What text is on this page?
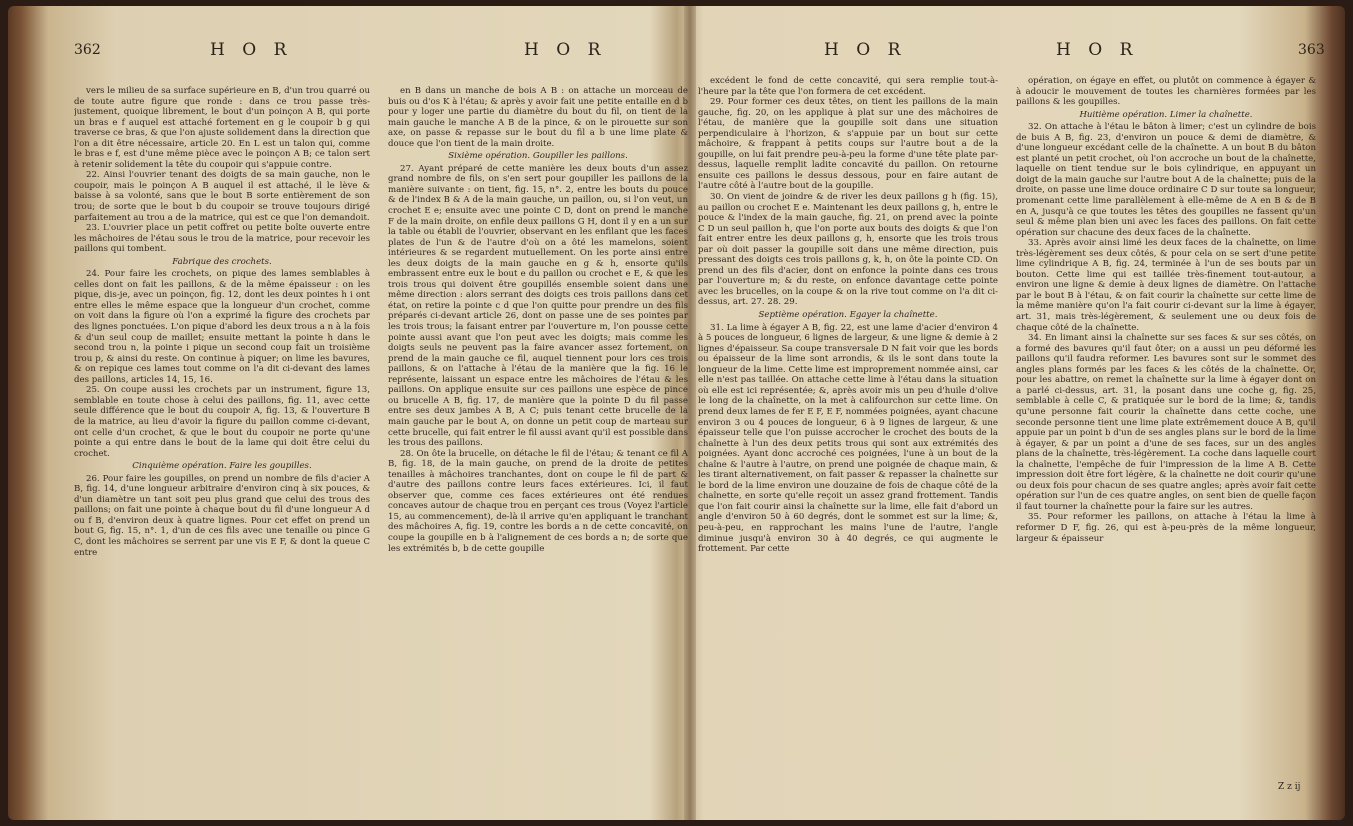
362	H O R	H O R

vers le milieu de sa surface supérieure en B, d'un trou quarré ou de toute autre figure que ronde : dans ce trou passe très-justement, quoique librement, le bout d'un poinçon A B, qui porte un bras e f auquel est attaché fortement en g le coupoir b g qui traverse ce bras, & que l'on ajuste solidement dans la direction que l'on a dit être nécessaire, article 20. En L est un talon qui, comme le bras e f, est d'une même pièce avec le poinçon A B; ce talon sert à retenir solidement la tête du coupoir qui s'appuie contre.

22. Ainsi l'ouvrier tenant des doigts de sa main gauche, non le coupoir, mais le poinçon A B auquel il est attaché, il le lève & baisse à sa volonté, sans que le bout B sorte entièrement de son trou; de sorte que le bout b du coupoir se trouve toujours dirigé parfaitement au trou a de la matrice, qui est ce que l'on demandoit.

23. L'ouvrier place un petit coffret ou petite boîte ouverte entre les mâchoires de l'étau sous le trou de la matrice, pour recevoir les paillons qui tombent.

Fabrique des crochets.

24. Pour faire les crochets, on pique des lames semblables à celles dont on fait les paillons, & de la même épaisseur : on les pique, dis-je, avec un poinçon, fig. 12, dont les deux pointes h i ont entre elles le même espace que la longueur d'un crochet, comme on voit dans la figure où l'on a exprimé la figure des crochets par des lignes ponctuées. L'on pique d'abord les deux trous a n à la fois & d'un seul coup de maillet; ensuite mettant la pointe h dans le second trou n, la pointe i pique un second coup fait un troisième trou p, & ainsi du reste. On continue à piquer; on lime les bavures, & on repique ces lames tout comme on l'a dit ci-devant des lames des paillons, articles 14, 15, 16.

25. On coupe aussi les crochets par un instrument, figure 13, semblable en toute chose à celui des paillons, fig. 11, avec cette seule différence que le bout du coupoir A, fig. 13, & l'ouverture B de la matrice, au lieu d'avoir la figure du paillon comme ci-devant, ont celle d'un crochet, & que le bout du coupoir ne porte qu'une pointe a qui entre dans le bout de la lame qui doit être celui du crochet.

Cinquième opération. Faire les goupilles.

26. Pour faire les goupilles, on prend un nombre de fils d'acier A B, fig. 14, d'une longueur arbitraire d'environ cinq à six pouces, & d'un diamètre un tant soit peu plus grand que celui des trous des paillons; on fait une pointe à chaque bout du fil d'une longueur A d ou f B, d'environ deux à quatre lignes. Pour cet effet on prend un bout G, fig. 15, n°. 1, d'un de ces fils avec une tenaille ou pince G C, dont les mâchoires se serrent par une vis E F, & dont la queue C entre

en B dans un manche de bois A B : on attache un morceau de buis ou d'os K à l'étau; & après y avoir fait une petite entaille en d b pour y loger une partie du diamètre du bout du fil, on tient de la main gauche le manche A B de la pince, & on le pirouette sur son axe, on passe & repasse sur le bout du fil a b une lime plate & douce que l'on tient de la main droite.

Sixième opération. Goupiller les paillons.

27. Ayant préparé de cette manière les deux bouts d'un assez grand nombre de fils, on s'en sert pour goupiller les paillons de la manière suivante : on tient, fig. 15, n°. 2, entre les bouts du pouce & de l'index B & A de la main gauche, un paillon, ou, si l'on veut, un crochet E e; ensuite avec une pointe C D, dont on prend le manche F de la main droite, on enfile deux paillons G H, dont il y en a un sur la table ou établi de l'ouvrier, observant en les enfilant que les faces plates de l'un & de l'autre d'où on a ôté les mamelons, soient intérieures & se regardent mutuellement. On les porte ainsi entre les deux doigts de la main gauche en g & h, ensorte qu'ils embrassent entre eux le bout e du paillon ou crochet e E, & que les trois trous qui doivent être goupillés ensemble soient dans une même direction : alors serrant des doigts ces trois paillons dans cet état, on retire la pointe c d que l'on quitte pour prendre un des fils préparés ci-devant article 26, dont on passe une de ses pointes par les trois trous; la faisant entrer par l'ouverture m, l'on pousse cette pointe aussi avant que l'on peut avec les doigts; mais comme les doigts seuls ne peuvent pas la faire avancer assez fortement, on prend de la main gauche ce fil, auquel tiennent pour lors ces trois paillons, & on l'attache à l'étau de la manière que la fig. 16 le représente, laissant un espace entre les mâchoires de l'étau & les paillons. On applique ensuite sur ces paillons une espèce de pince ou brucelle A B, fig. 17, de manière que la pointe D du fil passe entre ses deux jambes A B, A C; puis tenant cette brucelle de la main gauche par le bout A, on donne un petit coup de marteau sur cette brucelle, qui fait entrer le fil aussi avant qu'il est possible dans les trous des paillons.

28. On ôte la brucelle, on détache le fil de l'étau; & tenant ce fil A B, fig. 18, de la main gauche, on prend de la droite de petites tenailles à mâchoires tranchantes, dont on coupe le fil de part & d'autre des paillons contre leurs faces extérieures. Ici, il faut observer que, comme ces faces extérieures ont été rendues concaves autour de chaque trou en perçant ces trous (Voyez l'article 15, au commencement), de-là il arrive qu'en appliquant le tranchant des mâchoires A, fig. 19, contre les bords a n de cette concavité, on coupe la goupille en b à l'alignement de ces bords a n; de sorte que les extrémités b, b de cette goupille

H O R	H O R	363

excédent le fond de cette concavité, qui sera remplie tout-à-l'heure par la tête que l'on formera de cet excédent.

29. Pour former ces deux têtes, on tient les paillons de la main gauche, fig. 20, on les applique à plat sur une des mâchoires de l'étau, de manière que la goupille soit dans une situation perpendiculaire à l'horizon, & s'appuie par un bout sur cette mâchoire, & frappant à petits coups sur l'autre bout a de la goupille, on lui fait prendre peu-à-peu la forme d'une tête plate par-dessus, laquelle remplit ladite concavité du paillon. On retourne ensuite ces paillons le dessus dessous, pour en faire autant de l'autre côté à l'autre bout de la goupille.

30. On vient de joindre & de river les deux paillons g h (fig. 15), au paillon ou crochet E e. Maintenant les deux paillons g, h, entre le pouce & l'index de la main gauche, fig. 21, on prend avec la pointe C D un seul paillon h, que l'on porte aux bouts des doigts & que l'on fait entrer entre les deux paillons g, h, ensorte que les trois trous par où doit passer la goupille soit dans une même direction, puis pressant des doigts ces trois paillons g, k, h, on ôte la pointe CD. On prend un des fils d'acier, dont on enfonce la pointe dans ces trous par l'ouverture m; & du reste, on enfonce davantage cette pointe avec les brucelles, on la coupe & on la rive tout comme on l'a dit ci-dessus, art. 27. 28. 29.

Septième opération. Egayer la chaînette.

31. La lime à égayer A B, fig. 22, est une lame d'acier d'environ 4 à 5 pouces de longueur, 6 lignes de largeur, & une ligne & demie à 2 lignes d'épaisseur. Sa coupe transversale D N fait voir que les bords ou épaisseur de la lime sont arrondis, & ils le sont dans toute la longueur de la lime. Cette lime est improprement nommée ainsi, car elle n'est pas taillée. On attache cette lime à l'étau dans la situation où elle est ici représentée; &, après avoir mis un peu d'huile d'olive le long de la chaînette, on la met à califourchon sur cette lime. On prend deux lames de fer E F, E F, nommées poignées, ayant chacune environ 3 ou 4 pouces de longueur, 6 à 9 lignes de largeur, & une épaisseur telle que l'on puisse accrocher le crochet des bouts de la chaînette à l'un des deux petits trous qui sont aux extrémités des poignées. Ayant donc accroché ces poignées, l'une à un bout de la chaîne & l'autre à l'autre, on prend une poignée de chaque main, & les tirant alternativement, on fait passer & repasser la chaînette sur le bord de la lime environ une douzaine de fois de chaque côté de la chaînette, en sorte qu'elle reçoit un assez grand frottement. Tandis que l'on fait courir ainsi la chaînette sur la lime, elle fait d'abord un angle d'environ 50 à 60 degrés, dont le sommet est sur la lime; &, peu-à-peu, en rapprochant les mains l'une de l'autre, l'angle diminue jusqu'à environ 30 à 40 degrés, ce qui augmente le frottement. Par cette

opération, on égaye en effet, ou plutôt on commence à égayer & à adoucir le mouvement de toutes les charnières formées par les paillons & les goupilles.

Huitième opération. Limer la chaînette.

32. On attache à l'étau le bâton à limer; c'est un cylindre de bois de buis A B, fig. 23, d'environ un pouce & demi de diamètre, & d'une longueur excédant celle de la chaînette. A un bout B du bâton est planté un petit crochet, où l'on accroche un bout de la chaînette, laquelle on tient tendue sur le bois cylindrique, en appuyant un doigt de la main gauche sur l'autre bout A de la chaînette; puis de la droite, on passe une lime douce ordinaire C D sur toute sa longueur, promenant cette lime parallèlement à elle-même de A en B & de B en A, jusqu'à ce que toutes les têtes des goupilles ne fassent qu'un seul & même plan bien uni avec les faces des paillons. On fait cette opération sur chacune des deux faces de la chaînette.

33. Après avoir ainsi limé les deux faces de la chaînette, on lime très-légèrement ses deux côtés, & pour cela on se sert d'une petite lime cylindrique A B, fig. 24, terminée à l'un de ses bouts par un bouton. Cette lime qui est taillée très-finement tout-autour, a environ une ligne & demie à deux lignes de diamètre. On l'attache par le bout B à l'étau, & on fait courir la chaînette sur cette lime de la même manière qu'on l'a fait courir ci-devant sur la lime à égayer, art. 31, mais très-légèrement, & seulement une ou deux fois de chaque côté de la chaînette.

34. En limant ainsi la chaînette sur ses faces & sur ses côtés, on a formé des bavures qu'il faut ôter; on a aussi un peu déformé les paillons qu'il faudra reformer. Les bavures sont sur le sommet des angles plans formés par les faces & les côtés de la chaînette. Or, pour les abattre, on remet la chaînette sur la lime à égayer dont on a parlé ci-dessus, art. 31, la posant dans une coche g, fig. 25, semblable à celle C, & pratiquée sur le bord de la lime; &, tandis qu'une personne fait courir la chaînette dans cette coche, une seconde personne tient une lime plate extrêmement douce A B, qu'il appuie par un point b d'un de ses angles plans sur le bord de la lime à égayer, & par un point a d'une de ses faces, sur un des angles plans de la chaînette, très-légèrement. La coche dans laquelle court la chaînette, l'empêche de fuir l'impression de la lime A B. Cette impression doit être fort légère, & la chaînette ne doit courir qu'une ou deux fois pour chacun de ses quatre angles; après avoir fait cette opération sur l'un de ces quatre angles, on sent bien de quelle façon il faut tourner la chaînette pour la faire sur les autres.

35. Pour reformer les paillons, on attache à l'étau la lime à reformer D F, fig. 26, qui est à-peu-près de la même longueur, largeur & épaisseur

Z z ij
